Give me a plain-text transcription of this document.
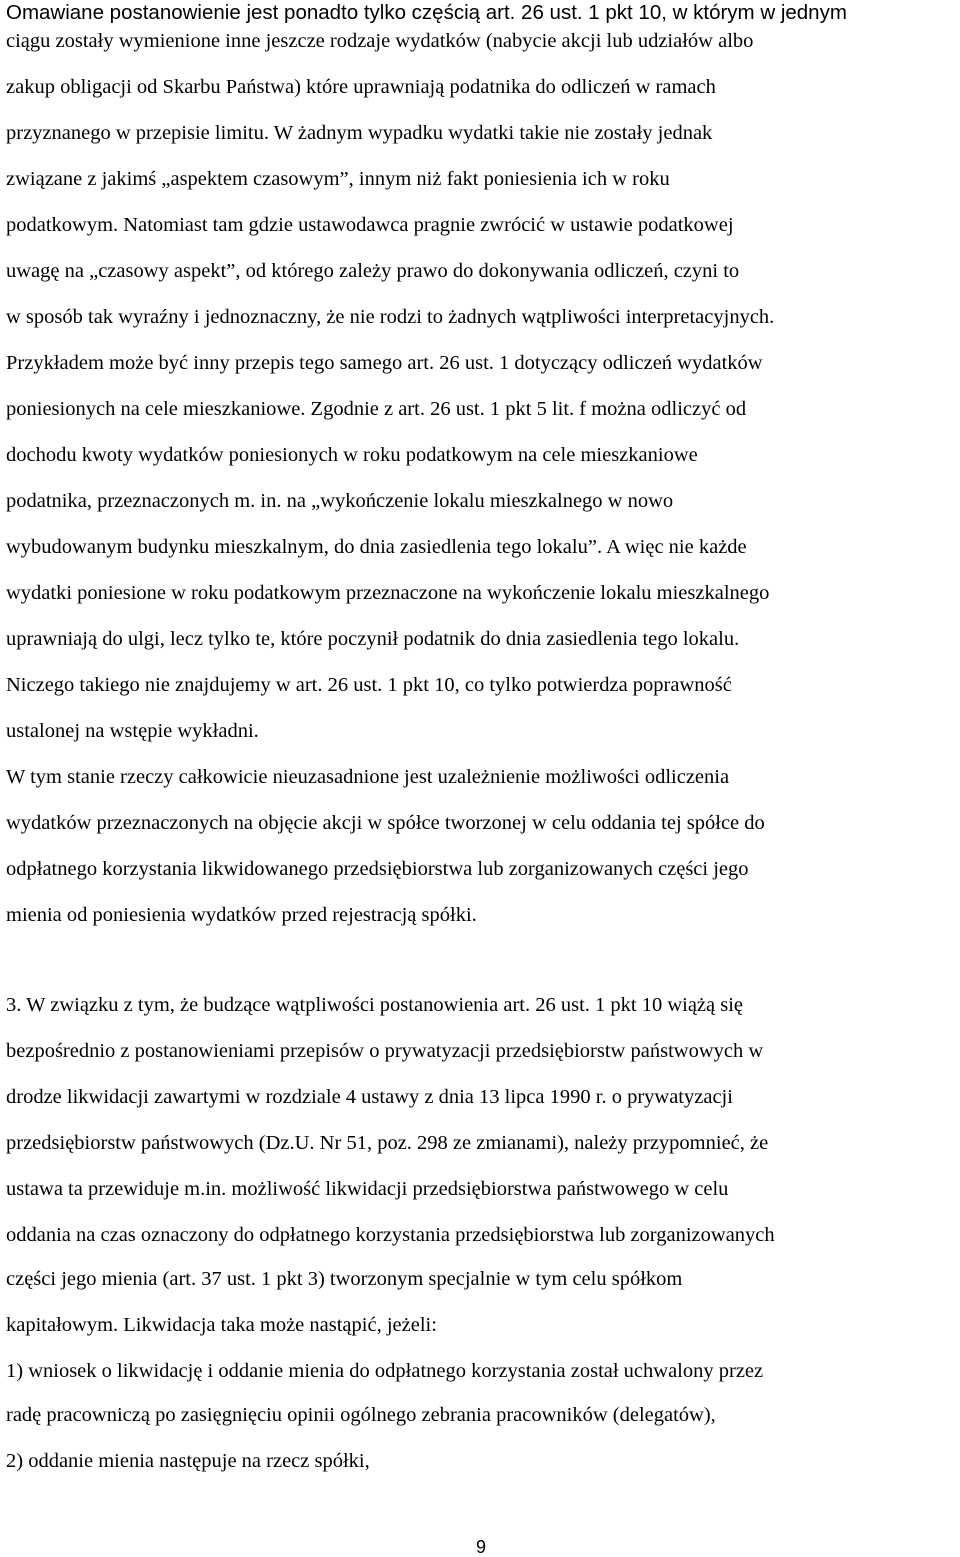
Omawiane postanowienie jest ponadto tylko częścią art. 26 ust. 1 pkt 10, w którym w jednym
ciągu zostały wymienione inne jeszcze rodzaje wydatków (nabycie akcji lub udziałów albo
zakup obligacji od Skarbu Państwa) które uprawniają podatnika do odliczeń w ramach
przyznanego w przepisie limitu. W żadnym wypadku wydatki takie nie zostały jednak
związane z jakimś „aspektem czasowym”, innym niż fakt poniesienia ich w roku
podatkowym. Natomiast tam gdzie ustawodawca pragnie zwrócić w ustawie podatkowej
uwagę na „czasowy aspekt”, od którego zależy prawo do dokonywania odliczeń, czyni to
w sposób tak wyraźny i jednoznaczny, że nie rodzi to żadnych wątpliwości interpretacyjnych.
Przykładem może być inny przepis tego samego art. 26 ust. 1 dotyczący odliczeń wydatków
poniesionych na cele mieszkaniowe. Zgodnie z art. 26 ust. 1 pkt 5 lit. f można odliczyć od
dochodu kwoty wydatków poniesionych w roku podatkowym na cele mieszkaniowe
podatnika, przeznaczonych m. in. na „wykończenie lokalu mieszkalnego w nowo
wybudowanym budynku mieszkalnym, do dnia zasiedlenia tego lokalu”. A więc nie każde
wydatki poniesione w roku podatkowym przeznaczone na wykończenie lokalu mieszkalnego
uprawniają do ulgi, lecz tylko te, które poczynił podatnik do dnia zasiedlenia tego lokalu.
Niczego takiego nie znajdujemy w art. 26 ust. 1 pkt 10, co tylko potwierdza poprawność
ustalonej na wstępie wykładni.
W tym stanie rzeczy całkowicie nieuzasadnione jest uzależnienie możliwości odliczenia
wydatków przeznaczonych na objęcie akcji w spółce tworzonej w celu oddania tej spółce do
odpłatnego korzystania likwidowanego przedsiębiorstwa lub zorganizowanych części jego
mienia od poniesienia wydatków przed rejestracją spółki.
3. W związku z tym, że budzące wątpliwości postanowienia art. 26 ust. 1 pkt 10 wiążą się
bezpośrednio z postanowieniami przepisów o prywatyzacji przedsiębiorstw państwowych w
drodze likwidacji zawartymi w rozdziale 4 ustawy z dnia 13 lipca 1990 r. o prywatyzacji
przedsiębiorstw państwowych (Dz.U. Nr 51, poz. 298 ze zmianami), należy przypomnieć, że
ustawa ta przewiduje m.in. możliwość likwidacji przedsiębiorstwa państwowego w celu
oddania na czas oznaczony do odpłatnego korzystania przedsiębiorstwa lub zorganizowanych
części jego mienia (art. 37 ust. 1 pkt 3) tworzonym specjalnie w tym celu spółkom
kapitałowym. Likwidacja taka może nastąpić, jeżeli:
1) wniosek o likwidację i oddanie mienia do odpłatnego korzystania został uchwalony przez
radę pracowniczą po zasięgnięciu opinii ogólnego zebrania pracowników (delegatów),
2) oddanie mienia następuje na rzecz spółki,
9
